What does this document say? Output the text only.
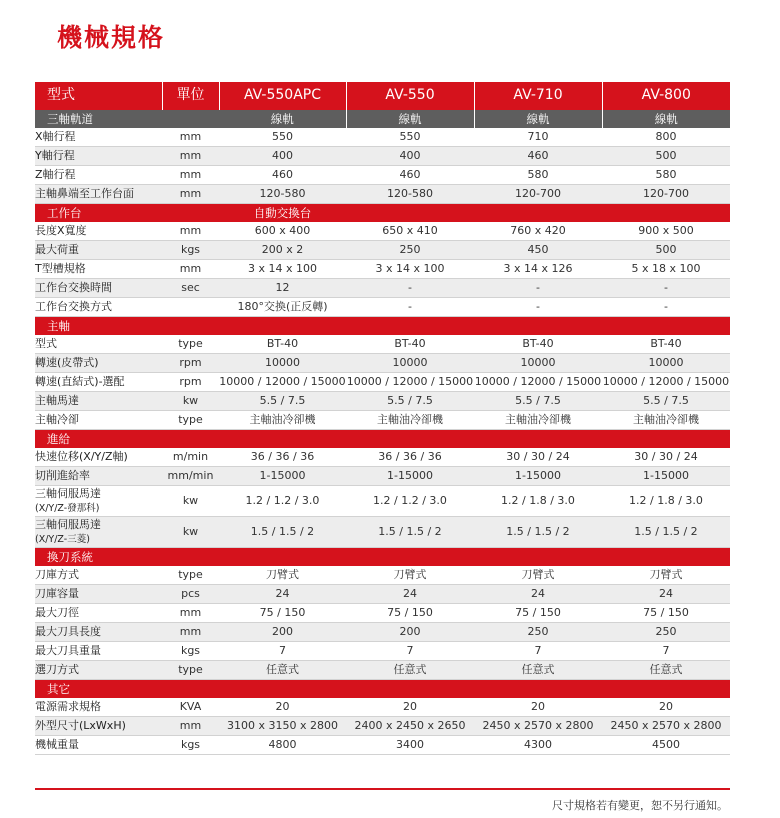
機械規格
型式	單位	AV-550APC	AV-550	AV-710	AV-800
三軸軌道		線軌	線軌	線軌	線軌
X軸行程	mm	550	550	710	800
Y軸行程	mm	400	400	460	500
Z軸行程	mm	460	460	580	580
主軸鼻端至工作台面	mm	120-580	120-580	120-700	120-700
工作台		自動交換台			
長度X寬度	mm	600 x 400	650 x 410	760 x 420	900 x 500
最大荷重	kgs	200 x 2	250	450	500
T型槽規格	mm	3 x 14 x 100	3 x 14 x 100	3 x 14 x 126	5 x 18 x 100
工作台交換時間	sec	12	-	-	-
工作台交換方式		180°交換(正反轉)	-	-	-
主軸					
型式	type	BT-40	BT-40	BT-40	BT-40
轉速(皮帶式)	rpm	10000	10000	10000	10000
轉速(直結式)-選配	rpm	10000 / 12000 / 15000	10000 / 12000 / 15000	10000 / 12000 / 15000	10000 / 12000 / 15000
主軸馬達	kw	5.5 / 7.5	5.5 / 7.5	5.5 / 7.5	5.5 / 7.5
主軸冷卻	type	主軸油冷卻機	主軸油冷卻機	主軸油冷卻機	主軸油冷卻機
進給					
快速位移(X/Y/Z軸)	m/min	36 / 36 / 36	36 / 36 / 36	30 / 30 / 24	30 / 30 / 24
切削進給率	mm/min	1-15000	1-15000	1-15000	1-15000
三軸伺服馬達
(X/Y/Z-發那科)	kw	1.2 / 1.2 / 3.0	1.2 / 1.2 / 3.0	1.2 / 1.8 / 3.0	1.2 / 1.8 / 3.0
三軸伺服馬達
(X/Y/Z-三菱)	kw	1.5 / 1.5 / 2	1.5 / 1.5 / 2	1.5 / 1.5 / 2	1.5 / 1.5 / 2
換刀系統					
刀庫方式	type	刀臂式	刀臂式	刀臂式	刀臂式
刀庫容量	pcs	24	24	24	24
最大刀徑	mm	75 / 150	75 / 150	75 / 150	75 / 150
最大刀具長度	mm	200	200	250	250
最大刀具重量	kgs	7	7	7	7
選刀方式	type	任意式	任意式	任意式	任意式
其它					
電源需求規格	KVA	20	20	20	20
外型尺寸(LxWxH)	mm	3100 x 3150 x 2800	2400 x 2450 x 2650	2450 x 2570 x 2800	2450 x 2570 x 2800
機械重量	kgs	4800	3400	4300	4500
尺寸規格若有變更，恕不另行通知。
